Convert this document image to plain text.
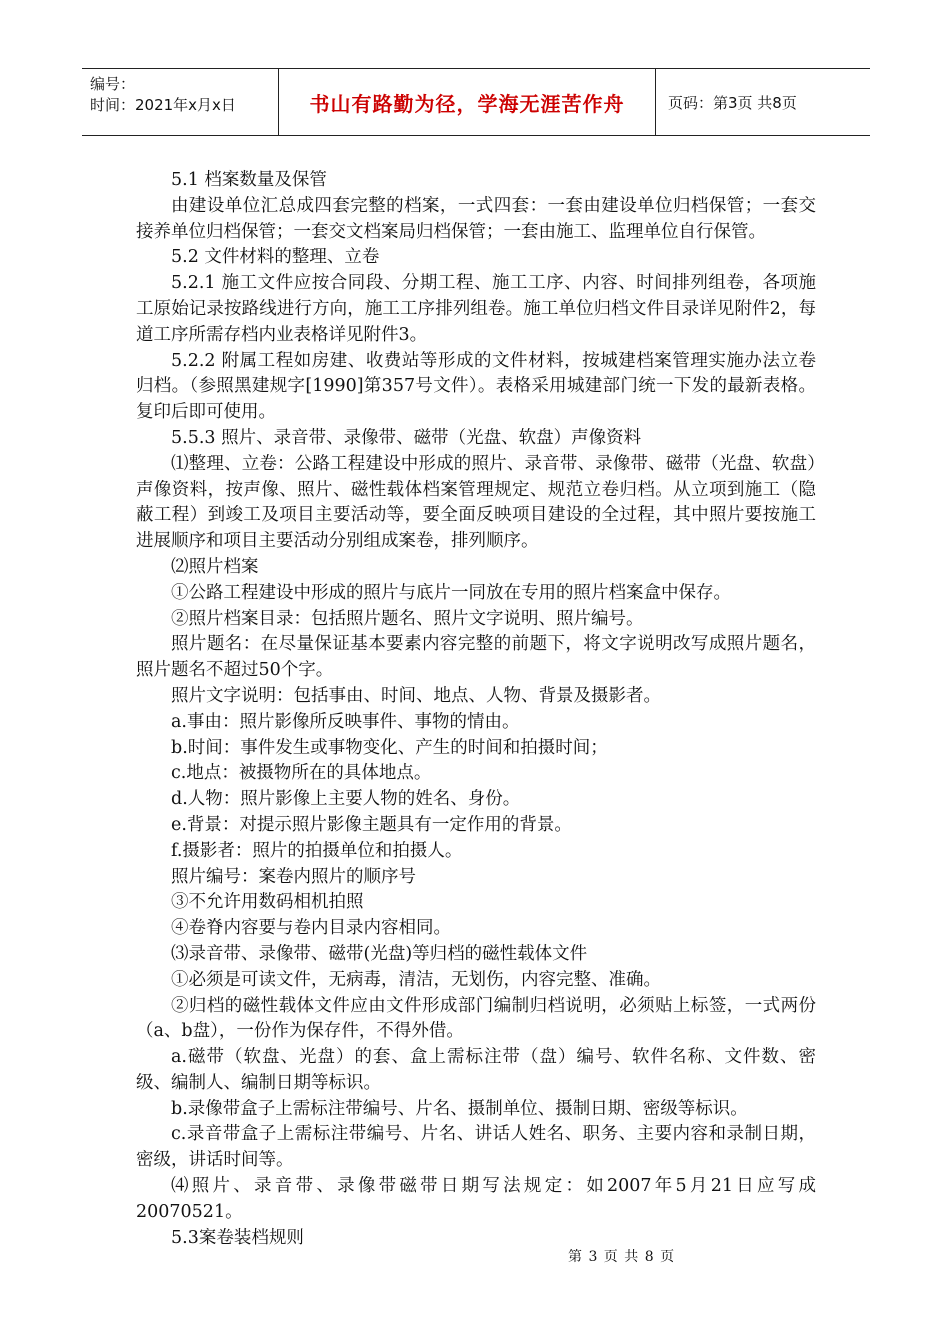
编号：
时间：2021年x月x日	书山有路勤为径，学海无涯苦作舟	页码：第3页 共8页

5.1 档案数量及保管

由建设单位汇总成四套完整的档案，一式四套：一套由建设单位归档保管；一套交接养单位归档保管；一套交文档案局归档保管；一套由施工、监理单位自行保管。

5.2 文件材料的整理、立卷

5.2.1 施工文件应按合同段、分期工程、施工工序、内容、时间排列组卷，各项施工原始记录按路线进行方向，施工工序排列组卷。施工单位归档文件目录详见附件2，每道工序所需存档内业表格详见附件3。

5.2.2 附属工程如房建、收费站等形成的文件材料，按城建档案管理实施办法立卷归档。（参照黑建规字[1990]第357号文件）。表格采用城建部门统一下发的最新表格。复印后即可使用。

5.5.3 照片、录音带、录像带、磁带（光盘、软盘）声像资料

⑴整理、立卷：公路工程建设中形成的照片、录音带、录像带、磁带（光盘、软盘）声像资料，按声像、照片、磁性载体档案管理规定、规范立卷归档。从立项到施工（隐蔽工程）到竣工及项目主要活动等，要全面反映项目建设的全过程，其中照片要按施工进展顺序和项目主要活动分别组成案卷，排列顺序。

⑵照片档案

①公路工程建设中形成的照片与底片一同放在专用的照片档案盒中保存。

②照片档案目录：包括照片题名、照片文字说明、照片编号。

照片题名：在尽量保证基本要素内容完整的前题下，将文字说明改写成照片题名，照片题名不超过50个字。

照片文字说明：包括事由、时间、地点、人物、背景及摄影者。

a.事由：照片影像所反映事件、事物的情由。

b.时间：事件发生或事物变化、产生的时间和拍摄时间；

c.地点：被摄物所在的具体地点。

d.人物：照片影像上主要人物的姓名、身份。

e.背景：对提示照片影像主题具有一定作用的背景。

f.摄影者：照片的拍摄单位和拍摄人。

照片编号：案卷内照片的顺序号

③不允许用数码相机拍照

④卷脊内容要与卷内目录内容相同。

⑶录音带、录像带、磁带(光盘)等归档的磁性载体文件

①必须是可读文件，无病毒，清洁，无划伤，内容完整、准确。

②归档的磁性载体文件应由文件形成部门编制归档说明，必须贴上标签，一式两份（a、b盘），一份作为保存件，不得外借。

a.磁带（软盘、光盘）的套、盒上需标注带（盘）编号、软件名称、文件数、密级、编制人、编制日期等标识。

b.录像带盒子上需标注带编号、片名、摄制单位、摄制日期、密级等标识。

c.录音带盒子上需标注带编号、片名、讲话人姓名、职务、主要内容和录制日期，密级，讲话时间等。

⑷照片、录音带、录像带磁带日期写法规定：如2007年5月21日应写成20070521。

5.3案卷装档规则

第 3 页 共 8 页
